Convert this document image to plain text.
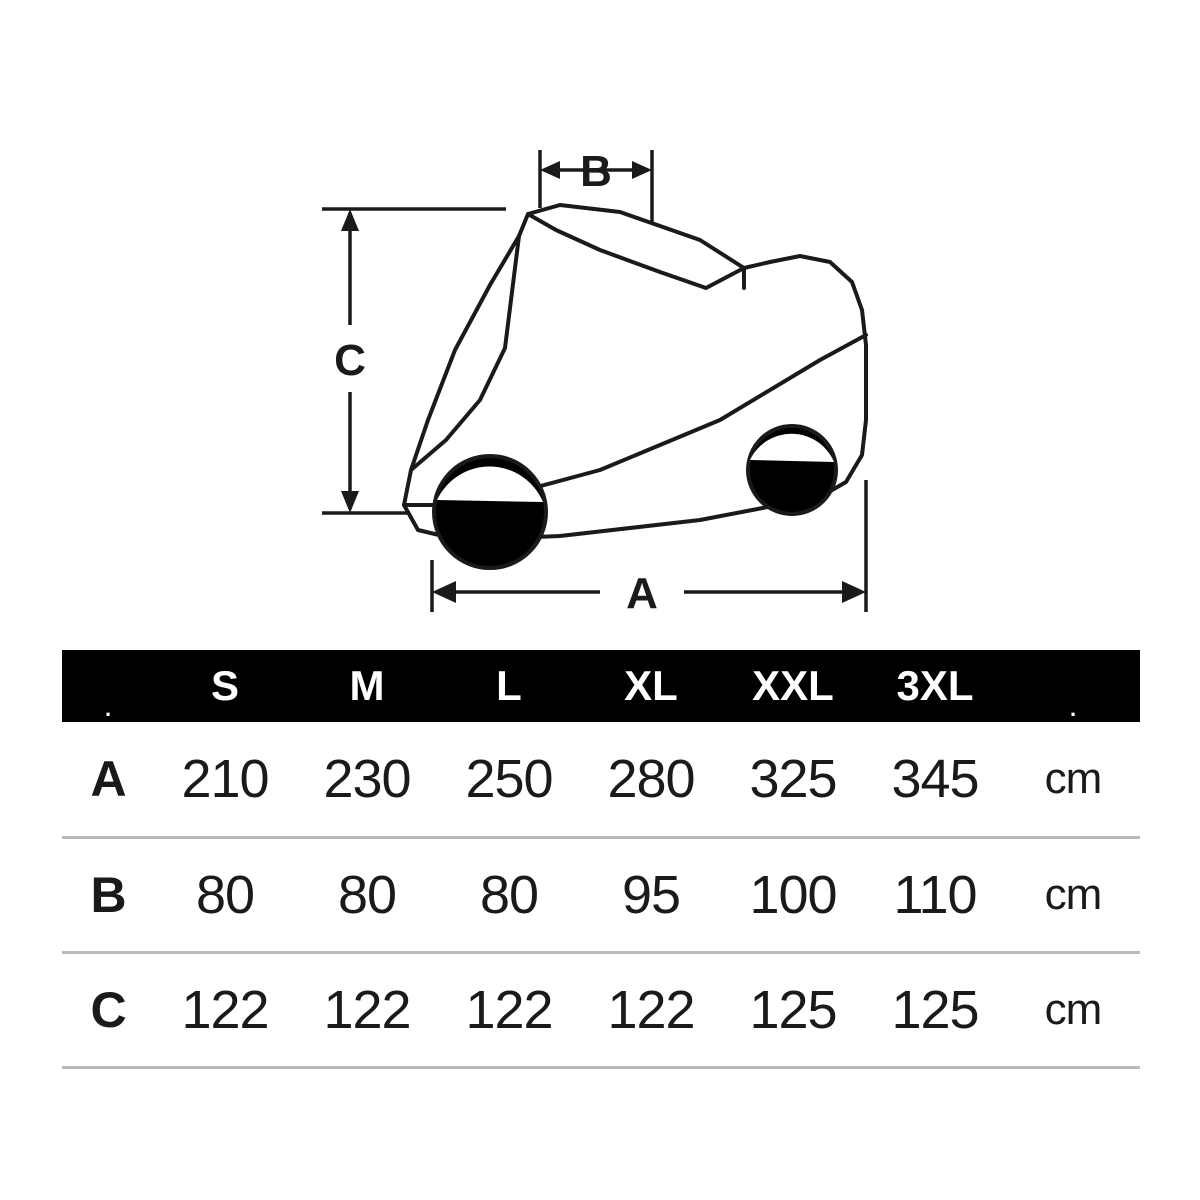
B
C
A
.	S	M	L	XL	XXL	3XL	.
A	210	230	250	280	325	345	cm
B	80	80	80	95	100	110	cm
C	122	122	122	122	125	125	cm
